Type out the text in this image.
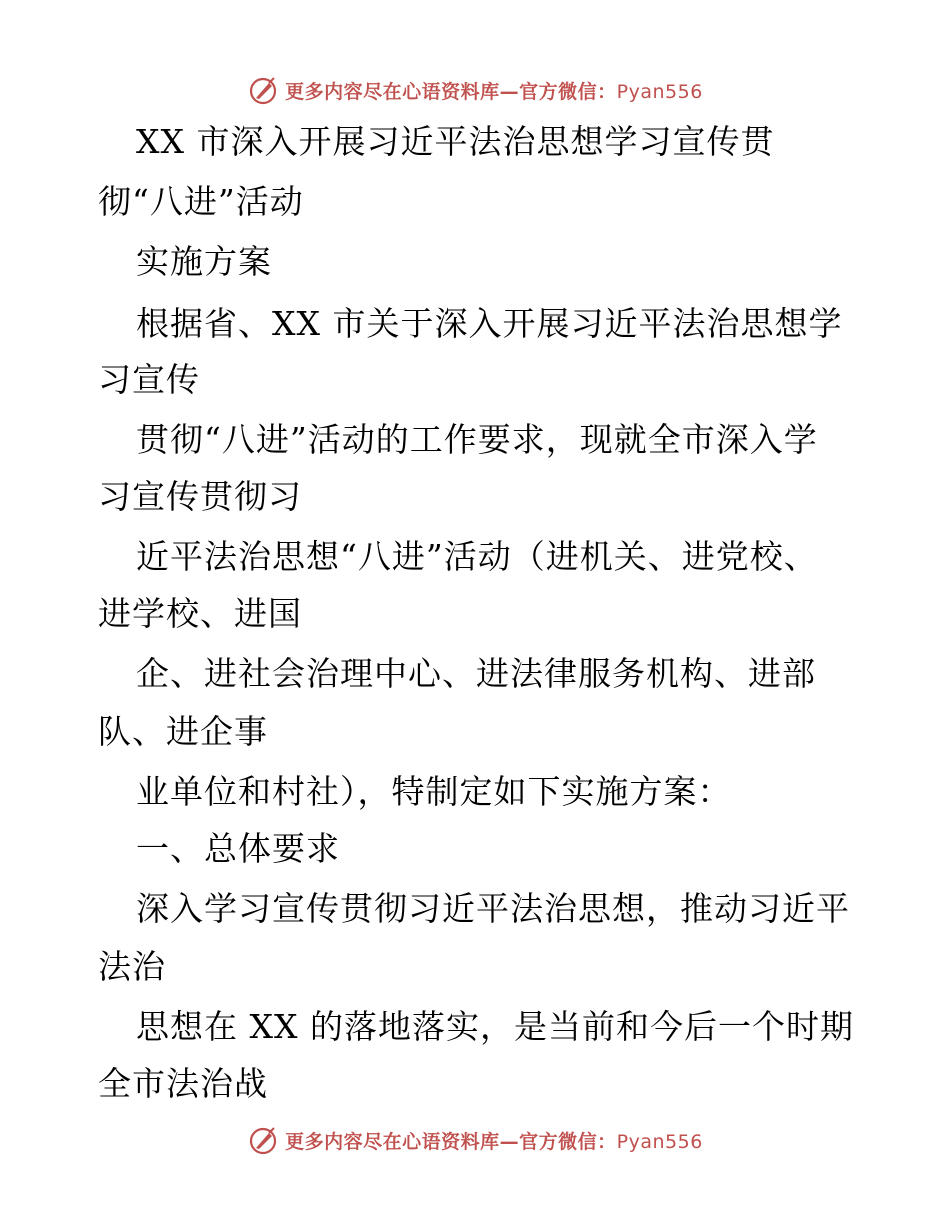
更多内容尽在心语资料库—官方微信：Pyan556
XX 市深入开展习近平法治思想学习宣传贯
彻“八进”活动
实施方案
根据省、XX 市关于深入开展习近平法治思想学
习宣传
贯彻“八进”活动的工作要求，现就全市深入学
习宣传贯彻习
近平法治思想“八进”活动（进机关、进党校、
进学校、进国
企、进社会治理中心、进法律服务机构、进部
队、进企事
业单位和村社），特制定如下实施方案：
一、总体要求
深入学习宣传贯彻习近平法治思想，推动习近平
法治
思想在 XX 的落地落实，是当前和今后一个时期
全市法治战
更多内容尽在心语资料库—官方微信：Pyan556
